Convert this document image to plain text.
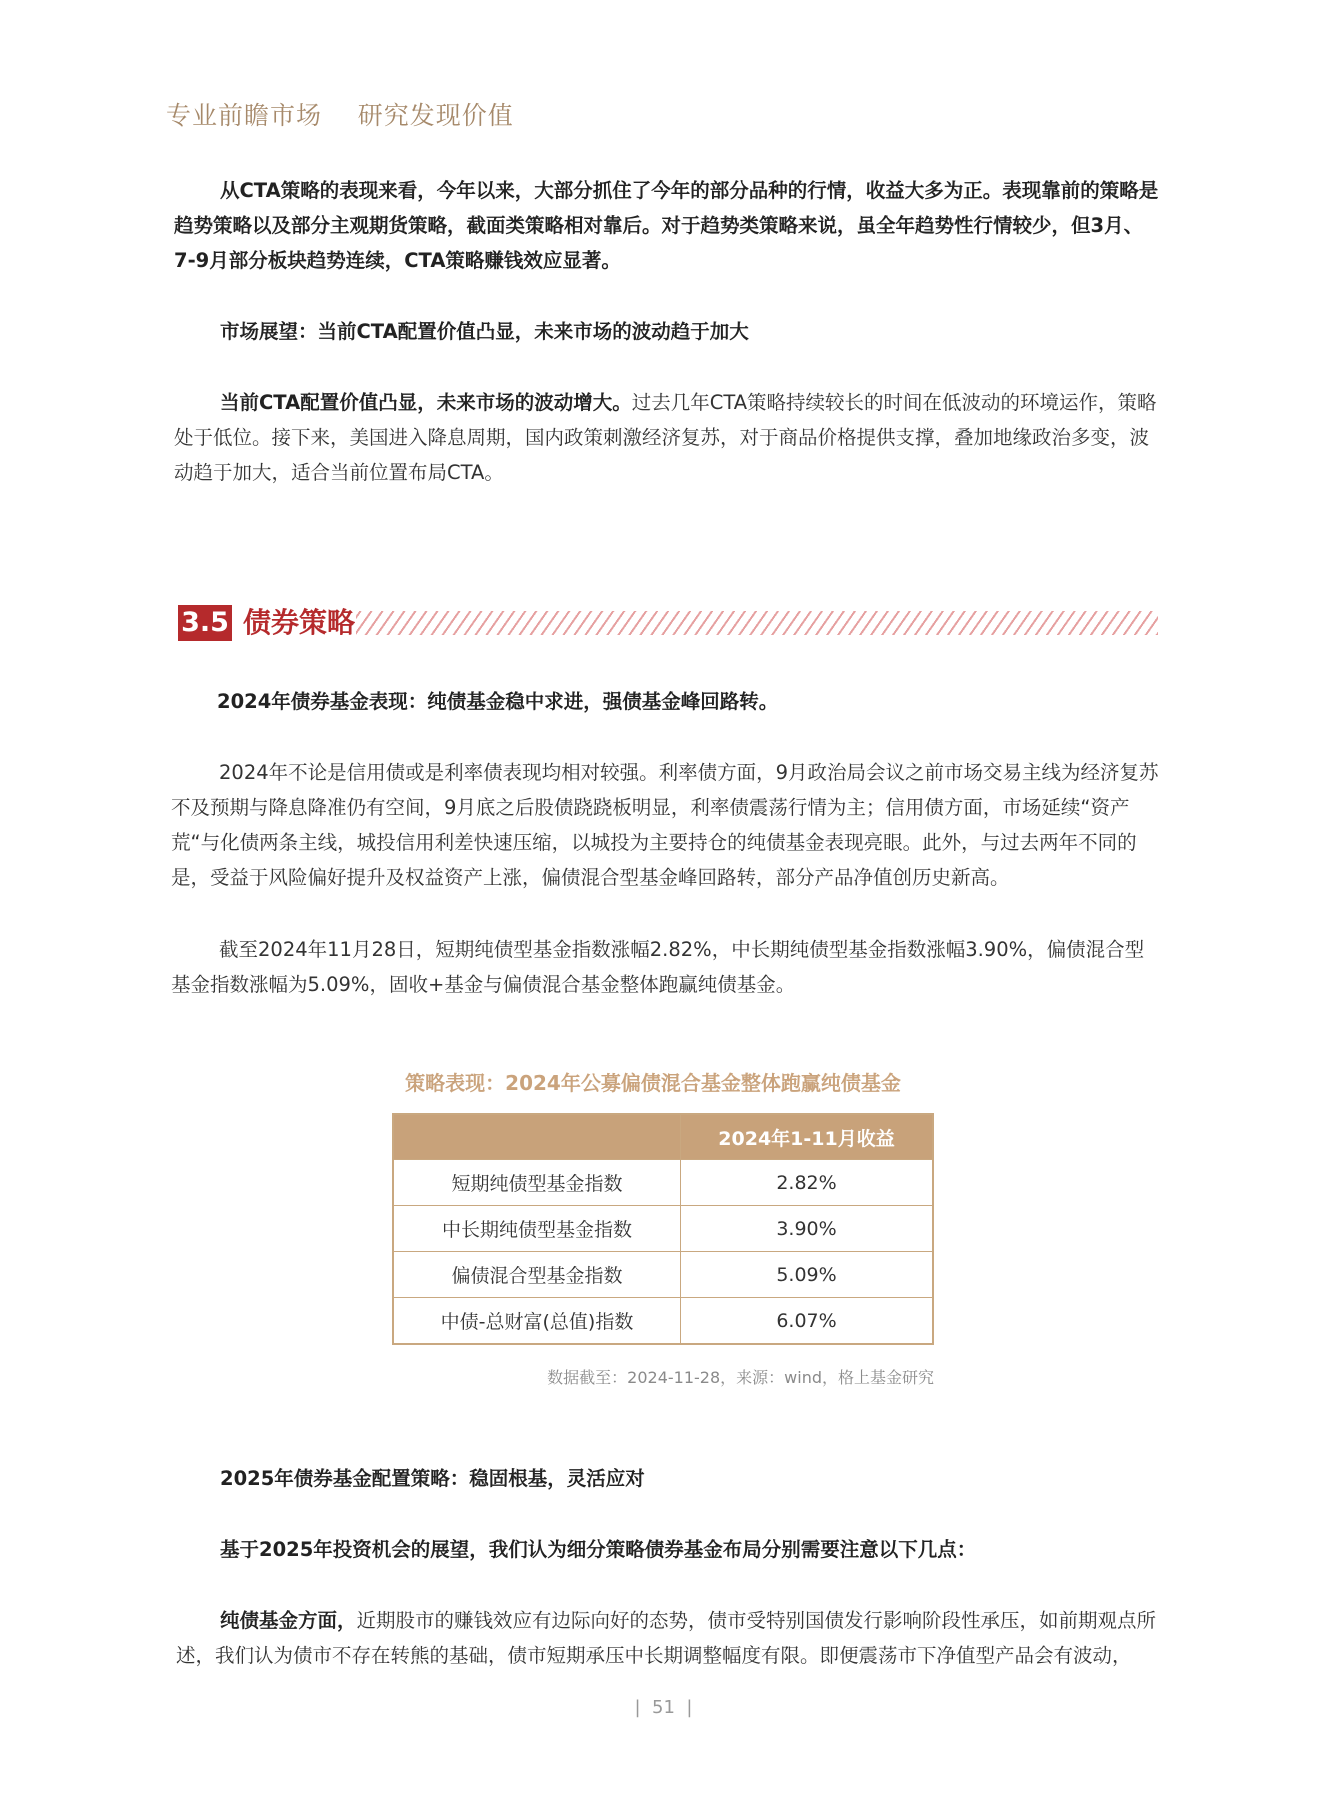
专业前瞻市场    研究发现价值

从CTA策略的表现来看，今年以来，大部分抓住了今年的部分品种的行情，收益大多为正。表现靠前的策略是趋势策略以及部分主观期货策略，截面类策略相对靠后。对于趋势类策略来说，虽全年趋势性行情较少，但3月、7-9月部分板块趋势连续，CTA策略赚钱效应显著。

市场展望：当前CTA配置价值凸显，未来市场的波动趋于加大

当前CTA配置价值凸显，未来市场的波动增大。过去几年CTA策略持续较长的时间在低波动的环境运作，策略处于低位。接下来，美国进入降息周期，国内政策刺激经济复苏，对于商品价格提供支撑，叠加地缘政治多变，波动趋于加大，适合当前位置布局CTA。

3.5 债券策略

2024年债券基金表现：纯债基金稳中求进，强债基金峰回路转。

2024年不论是信用债或是利率债表现均相对较强。利率债方面，9月政治局会议之前市场交易主线为经济复苏不及预期与降息降准仍有空间，9月底之后股债跷跷板明显，利率债震荡行情为主；信用债方面，市场延续“资产荒“与化债两条主线，城投信用利差快速压缩，以城投为主要持仓的纯债基金表现亮眼。此外，与过去两年不同的是，受益于风险偏好提升及权益资产上涨，偏债混合型基金峰回路转，部分产品净值创历史新高。

截至2024年11月28日，短期纯债型基金指数涨幅2.82%，中长期纯债型基金指数涨幅3.90%，偏债混合型基金指数涨幅为5.09%，固收+基金与偏债混合基金整体跑赢纯债基金。

策略表现：2024年公募偏债混合基金整体跑赢纯债基金
	2024年1-11月收益
短期纯债型基金指数	2.82%
中长期纯债型基金指数	3.90%
偏债混合型基金指数	5.09%
中债-总财富(总值)指数	6.07%
数据截至：2024-11-28，来源：wind，格上基金研究

2025年债券基金配置策略：稳固根基，灵活应对

基于2025年投资机会的展望，我们认为细分策略债券基金布局分别需要注意以下几点：

纯债基金方面，近期股市的赚钱效应有边际向好的态势，债市受特别国债发行影响阶段性承压，如前期观点所述，我们认为债市不存在转熊的基础，债市短期承压中长期调整幅度有限。即便震荡市下净值型产品会有波动，

|  51  |
